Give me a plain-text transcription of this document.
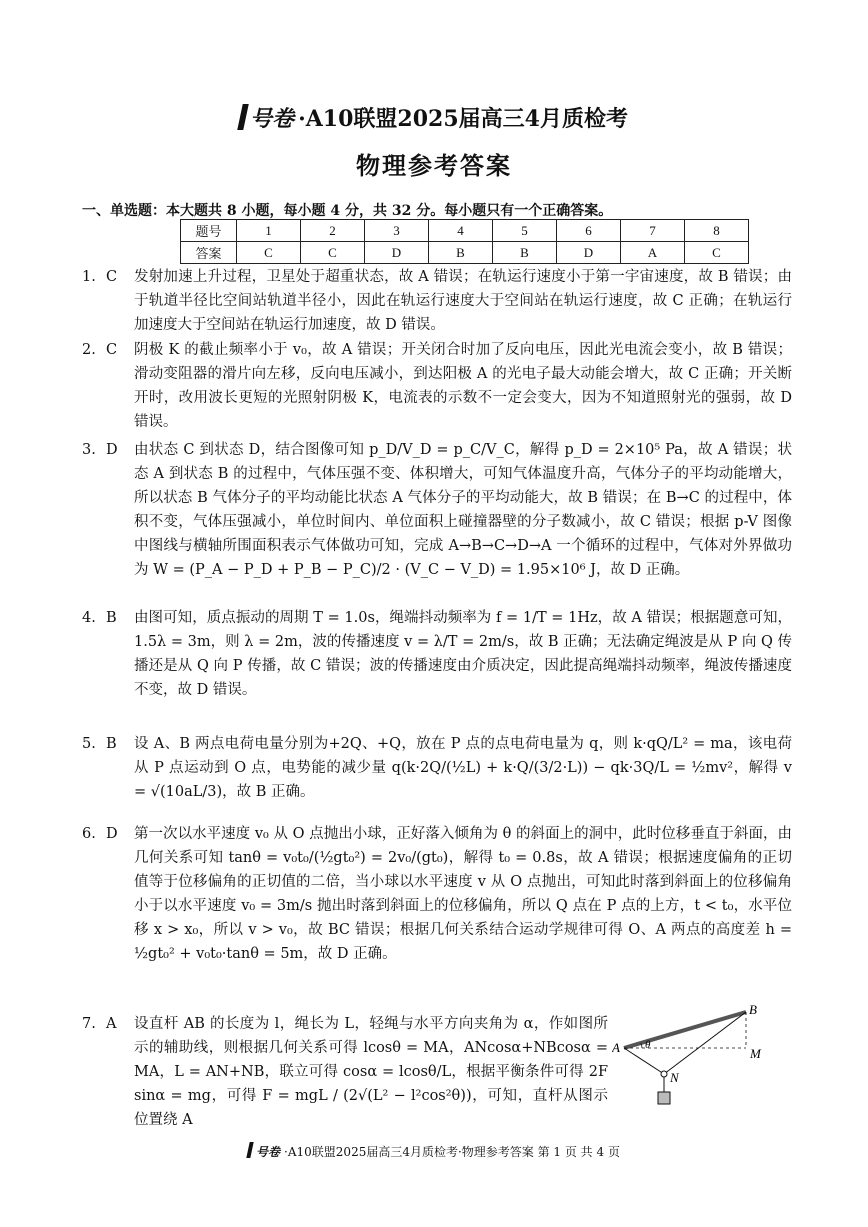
号卷 ·A10联盟2025届高三4月质检考
物理参考答案
一、单选题：本大题共 8 小题，每小题 4 分，共 32 分。每小题只有一个正确答案。
题号	1	2	3	4	5	6	7	8
答案	C	C	D	B	B	D	A	C
1. C	发射加速上升过程，卫星处于超重状态，故 A 错误；在轨运行速度小于第一宇宙速度，故 B 错误；由于轨道半径比空间站轨道半径小，因此在轨运行速度大于空间站在轨运行速度，故 C 正确；在轨运行加速度大于空间站在轨运行加速度，故 D 错误。
2. C	阴极 K 的截止频率小于 v₀，故 A 错误；开关闭合时加了反向电压，因此光电流会变小，故 B 错误；滑动变阻器的滑片向左移，反向电压减小，到达阳极 A 的光电子最大动能会增大，故 C 正确；开关断开时，改用波长更短的光照射阴极 K，电流表的示数不一定会变大，因为不知道照射光的强弱，故 D 错误。
3. D	由状态 C 到状态 D，结合图像可知 p_D/V_D = p_C/V_C，解得 p_D = 2×10⁵ Pa，故 A 错误；状态 A 到状态 B 的过程中，气体压强不变、体积增大，可知气体温度升高，气体分子的平均动能增大，所以状态 B 气体分子的平均动能比状态 A 气体分子的平均动能大，故 B 错误；在 B→C 的过程中，体积不变，气体压强减小，单位时间内、单位面积上碰撞器壁的分子数减小，故 C 错误；根据 p-V 图像中图线与横轴所围面积表示气体做功可知，完成 A→B→C→D→A 一个循环的过程中，气体对外界做功为 W = (P_A − P_D + P_B − P_C)/2 · (V_C − V_D) = 1.95×10⁶ J，故 D 正确。
4. B	由图可知，质点振动的周期 T = 1.0s，绳端抖动频率为 f = 1/T = 1Hz，故 A 错误；根据题意可知，1.5λ = 3m，则 λ = 2m，波的传播速度 v = λ/T = 2m/s，故 B 正确；无法确定绳波是从 P 向 Q 传播还是从 Q 向 P 传播，故 C 错误；波的传播速度由介质决定，因此提高绳端抖动频率，绳波传播速度不变，故 D 错误。
5. B	设 A、B 两点电荷电量分别为+2Q、+Q，放在 P 点的点电荷电量为 q，则 k·qQ/L² = ma，该电荷从 P 点运动到 O 点，电势能的减少量 q(k·2Q/(½L) + k·Q/(3/2·L)) − qk·3Q/L = ½mv²，解得 v = √(10aL/3)，故 B 正确。
6. D	第一次以水平速度 v₀ 从 O 点抛出小球，正好落入倾角为 θ 的斜面上的洞中，此时位移垂直于斜面，由几何关系可知 tanθ = v₀t₀/(½gt₀²) = 2v₀/(gt₀)，解得 t₀ = 0.8s，故 A 错误；根据速度偏角的正切值等于位移偏角的正切值的二倍，当小球以水平速度 v 从 O 点抛出，可知此时落到斜面上的位移偏角小于以水平速度 v₀ = 3m/s 抛出时落到斜面上的位移偏角，所以 Q 点在 P 点的上方，t < t₀，水平位移 x > x₀，所以 v > v₀，故 BC 错误；根据几何关系结合运动学规律可得 O、A 两点的高度差 h = ½gt₀² + v₀t₀·tanθ = 5m，故 D 正确。
7. A	设直杆 AB 的长度为 l，绳长为 L，轻绳与水平方向夹角为 α，作如图所示的辅助线，则根据几何关系可得 lcosθ = MA，ANcosα+NBcosα = MA，L = AN+NB，联立可得 cosα = lcosθ/L，根据平衡条件可得 2F sinα = mg，可得 F = mgL / (2√(L² − l²cos²θ))，可知，直杆从图示位置绕 A
A
B
M
N
θ
号卷 ·A10联盟2025届高三4月质检考·物理参考答案 第 1 页 共 4 页
